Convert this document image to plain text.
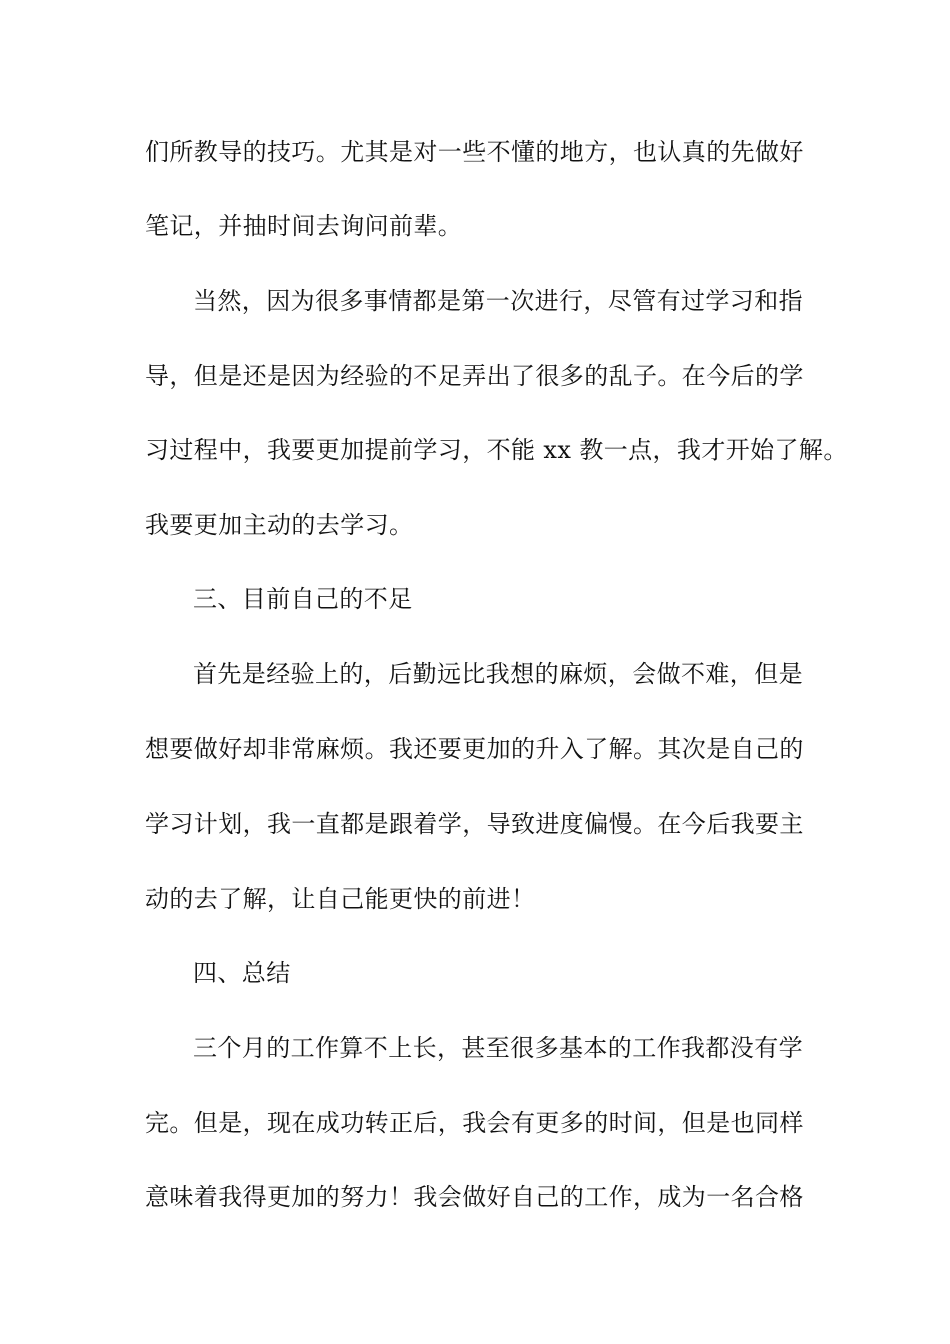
们所教导的技巧。尤其是对一些不懂的地方，也认真的先做好
笔记，并抽时间去询问前辈。
当然，因为很多事情都是第一次进行，尽管有过学习和指
导，但是还是因为经验的不足弄出了很多的乱子。在今后的学
习过程中，我要更加提前学习，不能 xx 教一点，我才开始了解。
我要更加主动的去学习。
三、目前自己的不足
首先是经验上的，后勤远比我想的麻烦，会做不难，但是
想要做好却非常麻烦。我还要更加的升入了解。其次是自己的
学习计划，我一直都是跟着学，导致进度偏慢。在今后我要主
动的去了解，让自己能更快的前进！
四、总结
三个月的工作算不上长，甚至很多基本的工作我都没有学
完。但是，现在成功转正后，我会有更多的时间，但是也同样
意味着我得更加的努力！我会做好自己的工作，成为一名合格
